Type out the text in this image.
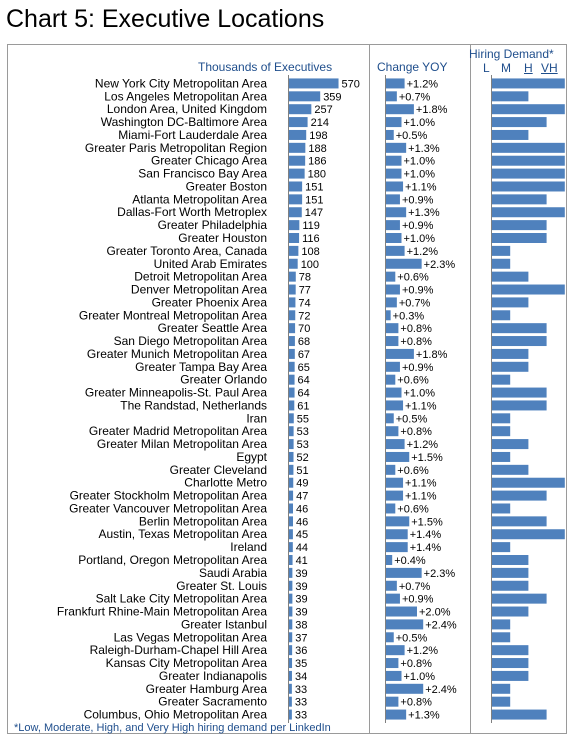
Chart 5: Executive Locations
Thousands of Executives	Change YOY
Hiring Demand*
L M H VH
New York City Metropolitan Area	570	+1.2%
Los Angeles Metropolitan Area	359	+0.7%
London Area, United Kingdom	257	+1.8%
Washington DC-Baltimore Area	214	+1.0%
Miami-Fort Lauderdale Area	198	+0.5%
Greater Paris Metropolitan Region	188	+1.3%
Greater Chicago Area	186	+1.0%
San Francisco Bay Area	180	+1.0%
Greater Boston	151	+1.1%
Atlanta Metropolitan Area	151	+0.9%
Dallas-Fort Worth Metroplex	147	+1.3%
Greater Philadelphia	119	+0.9%
Greater Houston	116	+1.0%
Greater Toronto Area, Canada	108	+1.2%
United Arab Emirates	100	+2.3%
Detroit Metropolitan Area	78	+0.6%
Denver Metropolitan Area	77	+0.9%
Greater Phoenix Area	74	+0.7%
Greater Montreal Metropolitan Area	72	+0.3%
Greater Seattle Area	70	+0.8%
San Diego Metropolitan Area	68	+0.8%
Greater Munich Metropolitan Area	67	+1.8%
Greater Tampa Bay Area	65	+0.9%
Greater Orlando	64	+0.6%
Greater Minneapolis-St. Paul Area	64	+1.0%
The Randstad, Netherlands	61	+1.1%
Iran	55	+0.5%
Greater Madrid Metropolitan Area	53	+0.8%
Greater Milan Metropolitan Area	53	+1.2%
Egypt	52	+1.5%
Greater Cleveland	51	+0.6%
Charlotte Metro	49	+1.1%
Greater Stockholm Metropolitan Area	47	+1.1%
Greater Vancouver Metropolitan Area	46	+0.6%
Berlin Metropolitan Area	46	+1.5%
Austin, Texas Metropolitan Area	45	+1.4%
Ireland	44	+1.4%
Portland, Oregon Metropolitan Area	41	+0.4%
Saudi Arabia	39	+2.3%
Greater St. Louis	39	+0.7%
Salt Lake City Metropolitan Area	39	+0.9%
Frankfurt Rhine-Main Metropolitan Area	39	+2.0%
Greater Istanbul	38	+2.4%
Las Vegas Metropolitan Area	37	+0.5%
Raleigh-Durham-Chapel Hill Area	36	+1.2%
Kansas City Metropolitan Area	35	+0.8%
Greater Indianapolis	34	+1.0%
Greater Hamburg Area	33	+2.4%
Greater Sacramento	33	+0.8%
Columbus, Ohio Metropolitan Area	33	+1.3%
*Low, Moderate, High, and Very High hiring demand per LinkedIn
